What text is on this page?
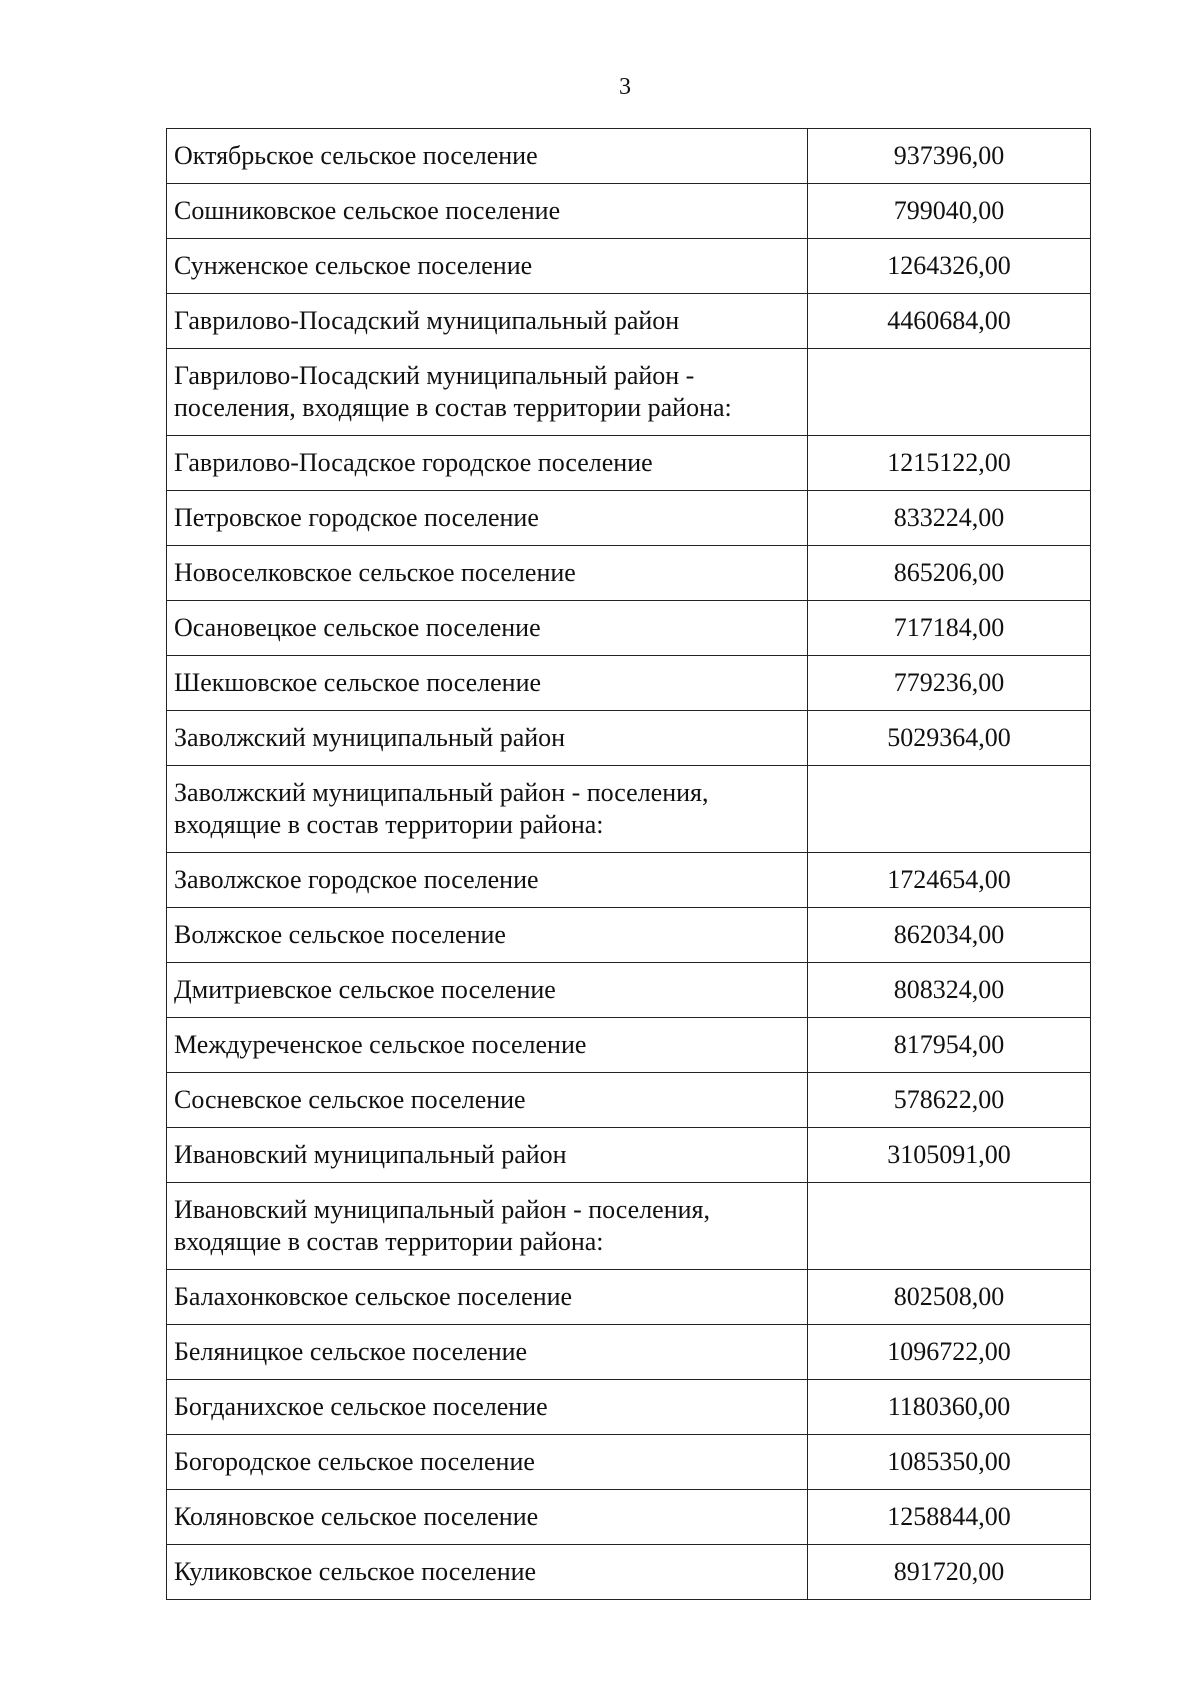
3
Октябрьское сельское поселение	937396,00
Сошниковское сельское поселение	799040,00
Сунженское сельское поселение	1264326,00
Гаврилово-Посадский муниципальный район	4460684,00
Гаврилово-Посадский муниципальный район - поселения, входящие в состав территории района:	
Гаврилово-Посадское городское поселение	1215122,00
Петровское городское поселение	833224,00
Новоселковское сельское поселение	865206,00
Осановецкое сельское поселение	717184,00
Шекшовское сельское поселение	779236,00
Заволжский муниципальный район	5029364,00
Заволжский муниципальный район - поселения, входящие в состав территории района:	
Заволжское городское поселение	1724654,00
Волжское сельское поселение	862034,00
Дмитриевское сельское поселение	808324,00
Междуреченское сельское поселение	817954,00
Сосневское сельское поселение	578622,00
Ивановский муниципальный район	3105091,00
Ивановский муниципальный район - поселения, входящие в состав территории района:	
Балахонковское сельское поселение	802508,00
Беляницкое сельское поселение	1096722,00
Богданихское сельское поселение	1180360,00
Богородское сельское поселение	1085350,00
Коляновское сельское поселение	1258844,00
Куликовское сельское поселение	891720,00
